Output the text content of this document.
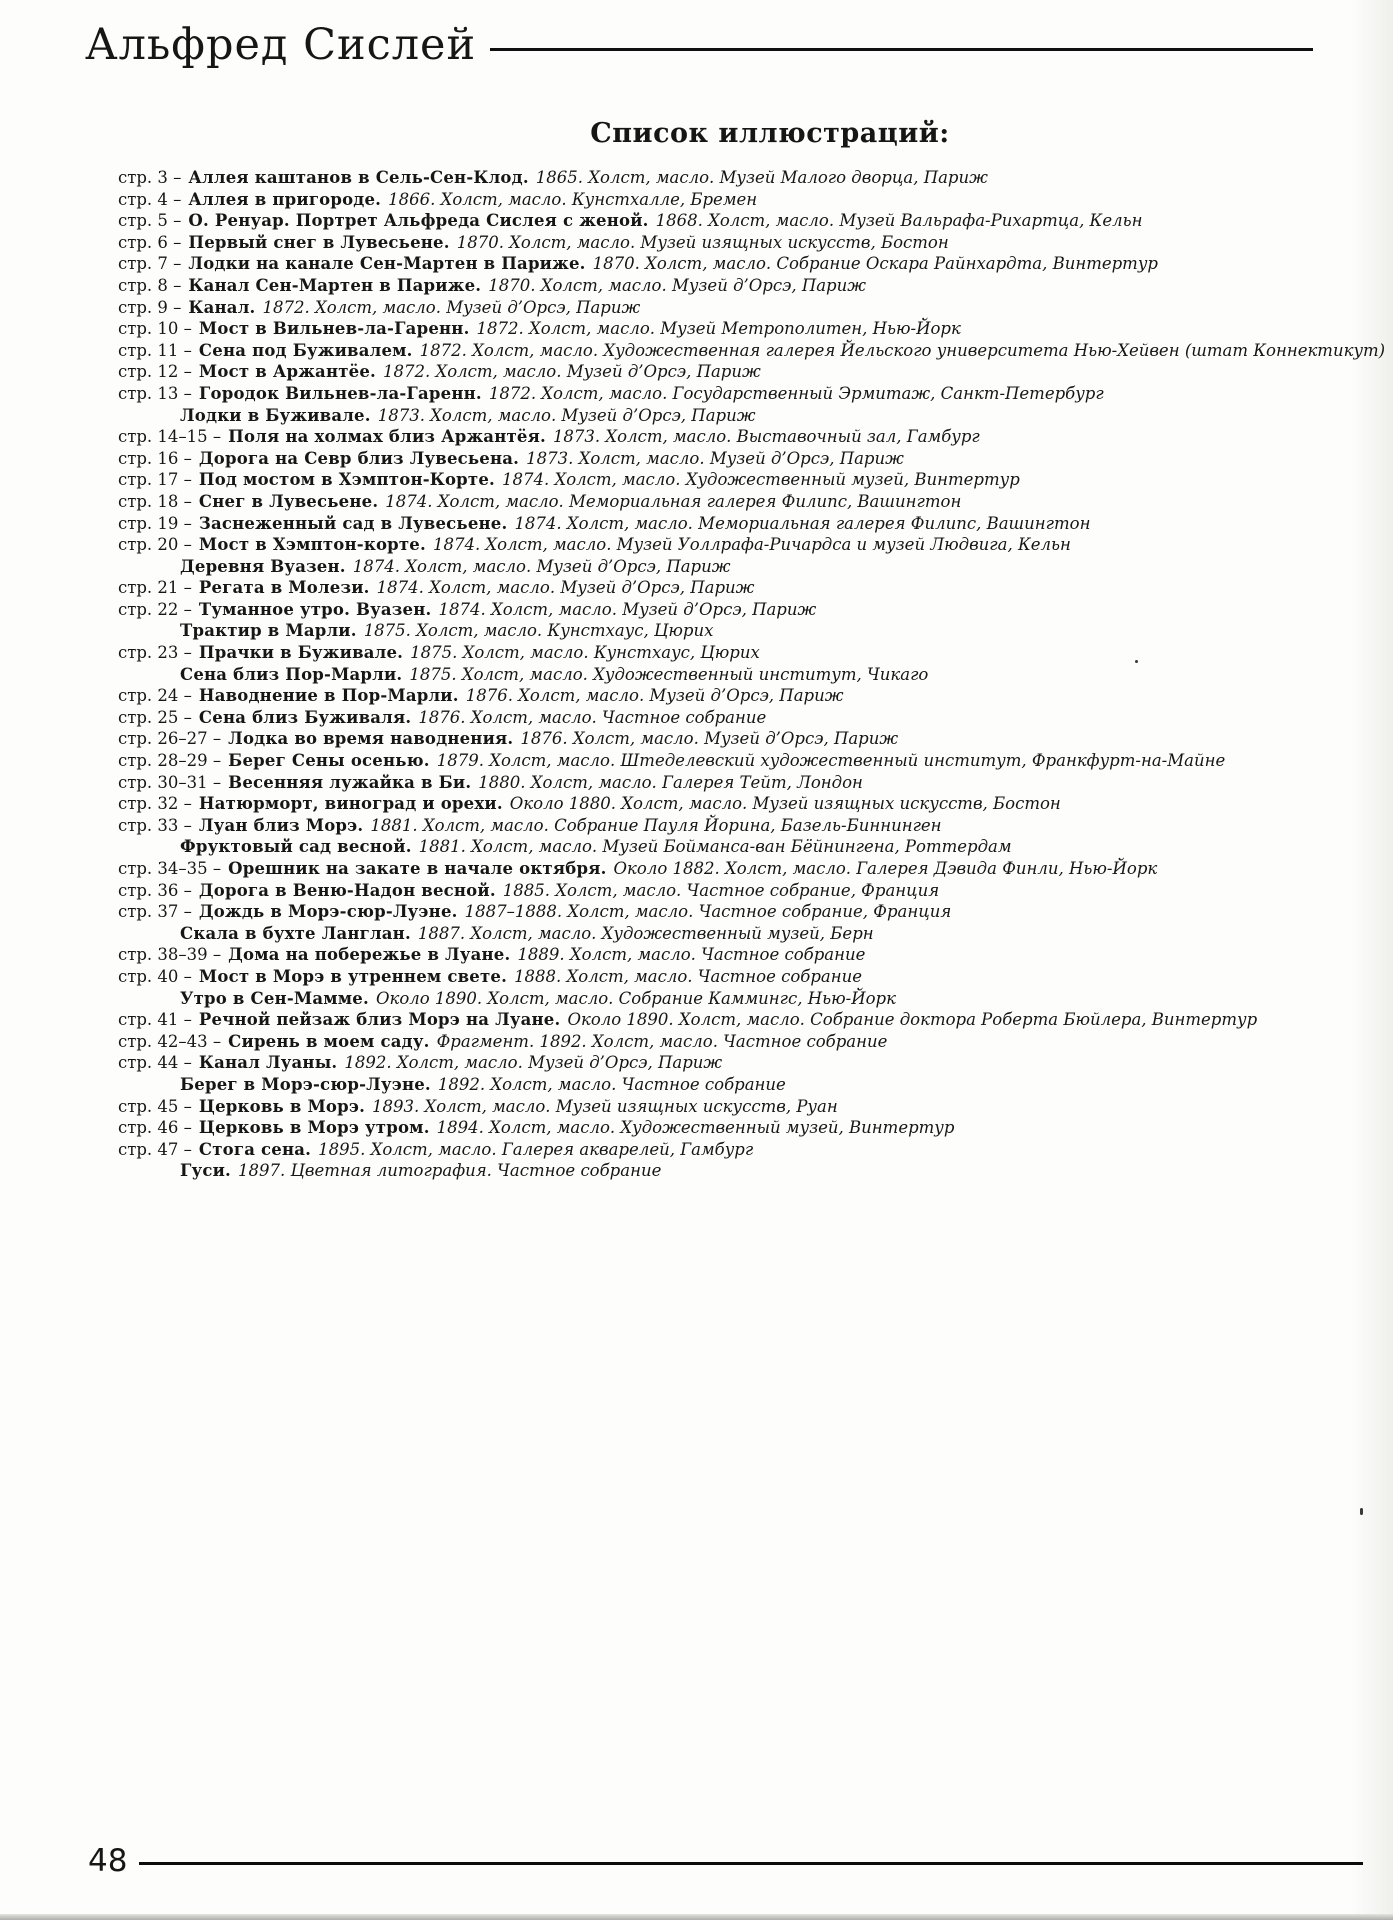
Альфред Сислей
Список иллюстраций:
стр. 3 – Аллея каштанов в Сель-Сен-Клод. 1865. Холст, масло. Музей Малого дворца, Париж
стр. 4 – Аллея в пригороде. 1866. Холст, масло. Кунстхалле, Бремен
стр. 5 – О. Ренуар. Портрет Альфреда Сислея с женой. 1868. Холст, масло. Музей Вальрафа-Рихартца, Кельн
стр. 6 – Первый снег в Лувесьене. 1870. Холст, масло. Музей изящных искусств, Бостон
стр. 7 – Лодки на канале Сен-Мартен в Париже. 1870. Холст, масло. Собрание Оскара Райнхардта, Винтертур
стр. 8 – Канал Сен-Мартен в Париже. 1870. Холст, масло. Музей д’Орсэ, Париж
стр. 9 – Канал. 1872. Холст, масло. Музей д’Орсэ, Париж
стр. 10 – Мост в Вильнев-ла-Гаренн. 1872. Холст, масло. Музей Метрополитен, Нью-Йорк
стр. 11 – Сена под Буживалем. 1872. Холст, масло. Художественная галерея Йельского университета Нью-Хейвен (штат Коннектикут)
стр. 12 – Мост в Аржантёе. 1872. Холст, масло. Музей д’Орсэ, Париж
стр. 13 – Городок Вильнев-ла-Гаренн. 1872. Холст, масло. Государственный Эрмитаж, Санкт-Петербург
Лодки в Буживале. 1873. Холст, масло. Музей д’Орсэ, Париж
стр. 14–15 – Поля на холмах близ Аржантёя. 1873. Холст, масло. Выставочный зал, Гамбург
стр. 16 – Дорога на Севр близ Лувесьена. 1873. Холст, масло. Музей д’Орсэ, Париж
стр. 17 – Под мостом в Хэмптон-Корте. 1874. Холст, масло. Художественный музей, Винтертур
стр. 18 – Снег в Лувесьене. 1874. Холст, масло. Мемориальная галерея Филипс, Вашингтон
стр. 19 – Заснеженный сад в Лувесьене. 1874. Холст, масло. Мемориальная галерея Филипс, Вашингтон
стр. 20 – Мост в Хэмптон-корте. 1874. Холст, масло. Музей Уоллрафа-Ричардса и музей Людвига, Кельн
Деревня Вуазен. 1874. Холст, масло. Музей д’Орсэ, Париж
стр. 21 – Регата в Молези. 1874. Холст, масло. Музей д’Орсэ, Париж
стр. 22 – Туманное утро. Вуазен. 1874. Холст, масло. Музей д’Орсэ, Париж
Трактир в Марли. 1875. Холст, масло. Кунстхаус, Цюрих
стр. 23 – Прачки в Буживале. 1875. Холст, масло. Кунстхаус, Цюрих
Сена близ Пор-Марли. 1875. Холст, масло. Художественный институт, Чикаго
стр. 24 – Наводнение в Пор-Марли. 1876. Холст, масло. Музей д’Орсэ, Париж
стр. 25 – Сена близ Буживаля. 1876. Холст, масло. Частное собрание
стр. 26–27 – Лодка во время наводнения. 1876. Холст, масло. Музей д’Орсэ, Париж
стр. 28–29 – Берег Сены осенью. 1879. Холст, масло. Штеделевский художественный институт, Франкфурт-на-Майне
стр. 30–31 – Весенняя лужайка в Би. 1880. Холст, масло. Галерея Тейт, Лондон
стр. 32 – Натюрморт, виноград и орехи. Около 1880. Холст, масло. Музей изящных искусств, Бостон
стр. 33 – Луан близ Морэ. 1881. Холст, масло. Собрание Пауля Йорина, Базель-Биннинген
Фруктовый сад весной. 1881. Холст, масло. Музей Бойманса-ван Бёйнингена, Роттердам
стр. 34–35 – Орешник на закате в начале октября. Около 1882. Холст, масло. Галерея Дэвида Финли, Нью-Йорк
стр. 36 – Дорога в Веню-Надон весной. 1885. Холст, масло. Частное собрание, Франция
стр. 37 – Дождь в Морэ-сюр-Луэне. 1887–1888. Холст, масло. Частное собрание, Франция
Скала в бухте Ланглан. 1887. Холст, масло. Художественный музей, Берн
стр. 38–39 – Дома на побережье в Луане. 1889. Холст, масло. Частное собрание
стр. 40 – Мост в Морэ в утреннем свете. 1888. Холст, масло. Частное собрание
Утро в Сен-Мамме. Около 1890. Холст, масло. Собрание Каммингс, Нью-Йорк
стр. 41 – Речной пейзаж близ Морэ на Луане. Около 1890. Холст, масло. Собрание доктора Роберта Бюйлера, Винтертур
стр. 42–43 – Сирень в моем саду. Фрагмент. 1892. Холст, масло. Частное собрание
стр. 44 – Канал Луаны. 1892. Холст, масло. Музей д’Орсэ, Париж
Берег в Морэ-сюр-Луэне. 1892. Холст, масло. Частное собрание
стр. 45 – Церковь в Морэ. 1893. Холст, масло. Музей изящных искусств, Руан
стр. 46 – Церковь в Морэ утром. 1894. Холст, масло. Художественный музей, Винтертур
стр. 47 – Стога сена. 1895. Холст, масло. Галерея акварелей, Гамбург
Гуси. 1897. Цветная литография. Частное собрание
48
